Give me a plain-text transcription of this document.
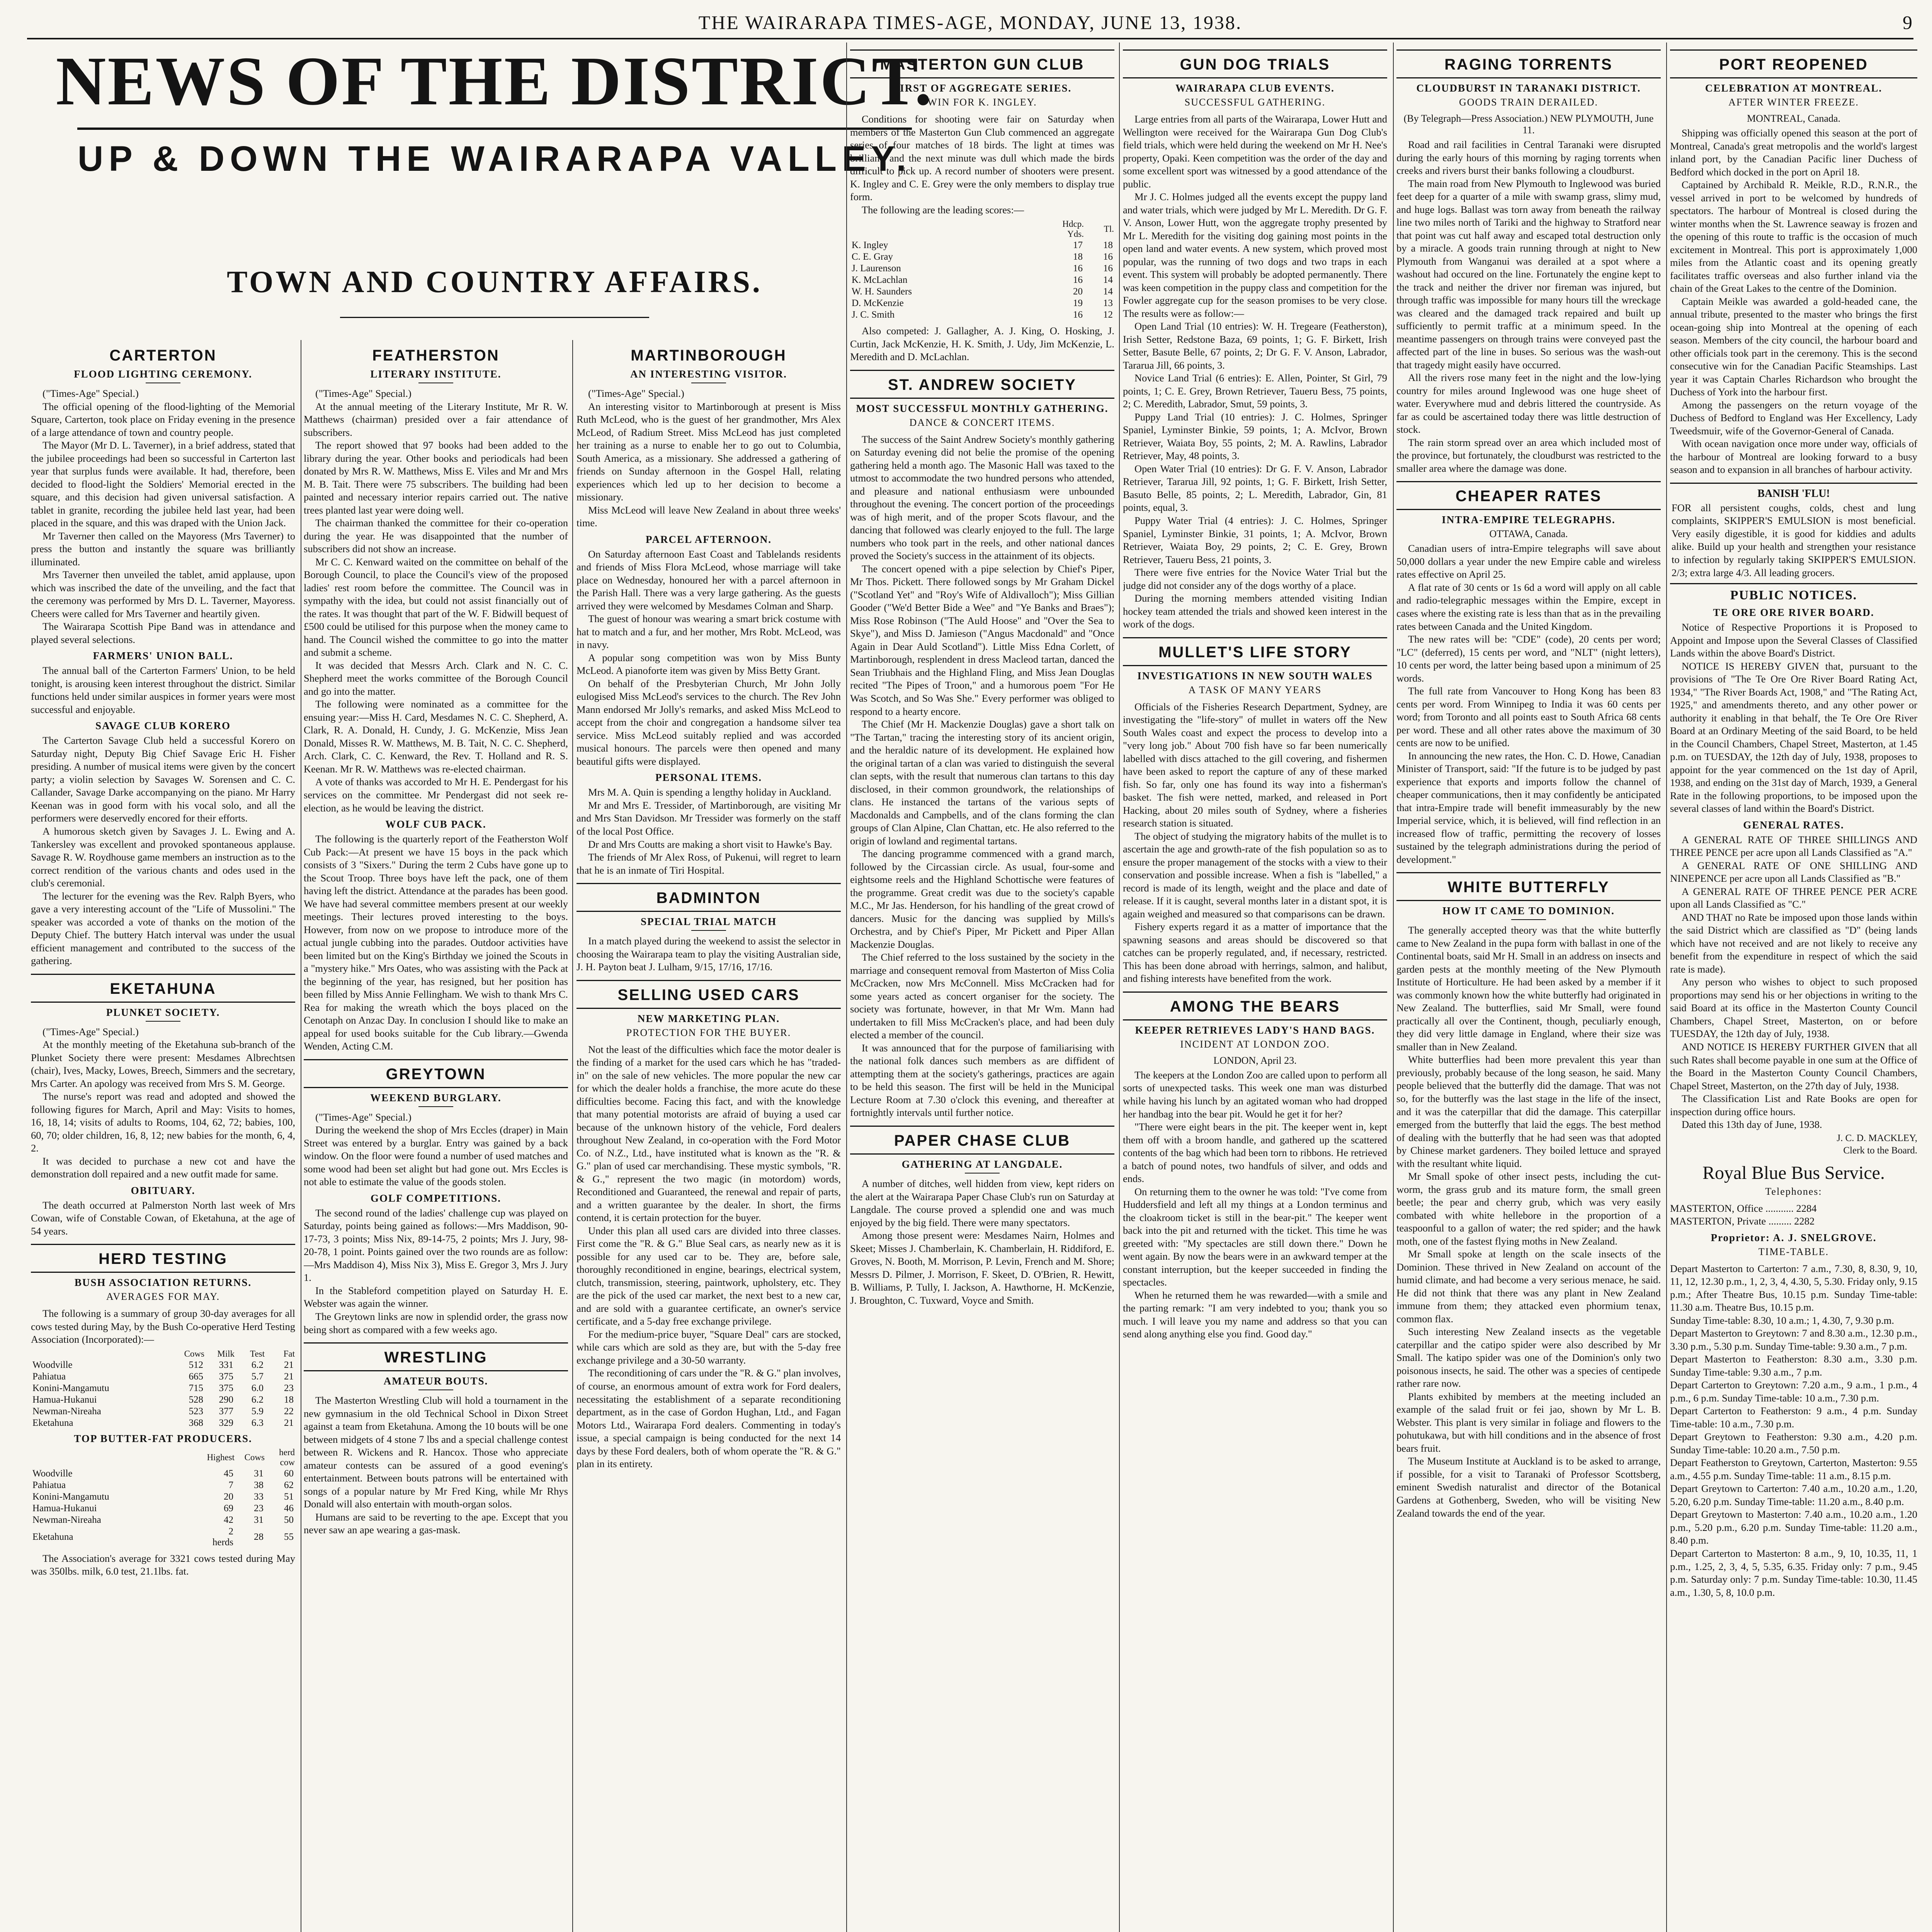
THE WAIRARAPA TIMES-AGE, MONDAY, JUNE 13, 1938.	9
NEWS OF THE DISTRICT.
UP & DOWN THE WAIRARAPA VALLEY.
TOWN AND COUNTRY AFFAIRS.
CARTERTON
FLOOD LIGHTING CEREMONY.

("Times-Age" Special.)

The official opening of the flood-lighting of the Memorial Square, Carterton, took place on Friday evening in the presence of a large attendance of town and country people.

The Mayor (Mr D. L. Taverner), in a brief address, stated that the jubilee proceedings had been so successful in Carterton last year that surplus funds were available. It had, therefore, been decided to flood-light the Soldiers' Memorial erected in the square, and this decision had given universal satisfaction. A tablet in granite, recording the jubilee held last year, had been placed in the square, and this was draped with the Union Jack.

Mr Taverner then called on the Mayoress (Mrs Taverner) to press the button and instantly the square was brilliantly illuminated.

Mrs Taverner then unveiled the tablet, amid applause, upon which was inscribed the date of the unveiling, and the fact that the ceremony was performed by Mrs D. L. Taverner, Mayoress. Cheers were called for Mrs Taverner and heartily given.

The Wairarapa Scottish Pipe Band was in attendance and played several selections.

FARMERS' UNION BALL.

The annual ball of the Carterton Farmers' Union, to be held tonight, is arousing keen interest throughout the district. Similar functions held under similar auspices in former years were most successful and enjoyable.

SAVAGE CLUB KORERO

The Carterton Savage Club held a successful Korero on Saturday night, Deputy Big Chief Savage Eric H. Fisher presiding. A number of musical items were given by the concert party; a violin selection by Savages W. Sorensen and C. C. Callander, Savage Darke accompanying on the piano. Mr Harry Keenan was in good form with his vocal solo, and all the performers were deservedly encored for their efforts.

A humorous sketch given by Savages J. L. Ewing and A. Tankersley was excellent and provoked spontaneous applause. Savage R. W. Roydhouse game members an instruction as to the correct rendition of the various chants and odes used in the club's ceremonial.

The lecturer for the evening was the Rev. Ralph Byers, who gave a very interesting account of the "Life of Mussolini." The speaker was accorded a vote of thanks on the motion of the Deputy Chief. The buttery Hatch interval was under the usual efficient management and contributed to the success of the gathering.

EKETAHUNA
PLUNKET SOCIETY.

("Times-Age" Special.)

At the monthly meeting of the Eketahuna sub-branch of the Plunket Society there were present: Mesdames Albrechtsen (chair), Ives, Macky, Lowes, Breech, Simmers and the secretary, Mrs Carter. An apology was received from Mrs S. M. George.

The nurse's report was read and adopted and showed the following figures for March, April and May: Visits to homes, 16, 18, 14; visits of adults to Rooms, 104, 62, 72; babies, 100, 60, 70; older children, 16, 8, 12; new babies for the month, 6, 4, 2.

It was decided to purchase a new cot and have the demonstration doll repaired and a new outfit made for same.

OBITUARY.

The death occurred at Palmerston North last week of Mrs Cowan, wife of Constable Cowan, of Eketahuna, at the age of 54 years.

HERD TESTING
BUSH ASSOCIATION RETURNS.
AVERAGES FOR MAY.

The following is a summary of group 30-day averages for all cows tested during May, by the Bush Co-operative Herd Testing Association (Incorporated):—

	Cows	Milk	Test	Fat
Woodville	512	331	6.2	21
Pahiatua	665	375	5.7	21
Konini-Mangamutu	715	375	6.0	23
Hamua-Hukanui	528	290	6.2	18
Newman-Nireaha	523	377	5.9	22
Eketahuna	368	329	6.3	21
TOP BUTTER-FAT PRODUCERS.
	Highest	Cows	herd cow
Woodville	45	31	60
Pahiatua	7	38	62
Konini-Mangamutu	20	33	51
Hamua-Hukanui	69	23	46
Newman-Nireaha	42	31	50
Eketahuna	2 herds	28	55

The Association's average for 3321 cows tested during May was 350lbs. milk, 6.0 test, 21.1lbs. fat.

FEATHERSTON
LITERARY INSTITUTE.

("Times-Age" Special.)

At the annual meeting of the Literary Institute, Mr R. W. Matthews (chairman) presided over a fair attendance of subscribers.

The report showed that 97 books had been added to the library during the year. Other books and periodicals had been donated by Mrs R. W. Matthews, Miss E. Viles and Mr and Mrs M. B. Tait. There were 75 subscribers. The building had been painted and necessary interior repairs carried out. The native trees planted last year were doing well.

The chairman thanked the committee for their co-operation during the year. He was disappointed that the number of subscribers did not show an increase.

Mr C. C. Kenward waited on the committee on behalf of the Borough Council, to place the Council's view of the proposed ladies' rest room before the committee. The Council was in sympathy with the idea, but could not assist financially out of the rates. It was thought that part of the W. F. Bidwill bequest of £500 could be utilised for this purpose when the money came to hand. The Council wished the committee to go into the matter and submit a scheme.

It was decided that Messrs Arch. Clark and N. C. C. Shepherd meet the works committee of the Borough Council and go into the matter.

The following were nominated as a committee for the ensuing year:—Miss H. Card, Mesdames N. C. C. Shepherd, A. Clark, R. A. Donald, H. Cundy, J. G. McKenzie, Miss Jean Donald, Misses R. W. Matthews, M. B. Tait, N. C. C. Shepherd, Arch. Clark, C. C. Kenward, the Rev. T. Holland and R. S. Keenan. Mr R. W. Matthews was re-elected chairman.

A vote of thanks was accorded to Mr H. E. Pendergast for his services on the committee. Mr Pendergast did not seek re-election, as he would be leaving the district.

WOLF CUB PACK.

The following is the quarterly report of the Featherston Wolf Cub Pack:—At present we have 15 boys in the pack which consists of 3 "Sixers." During the term 2 Cubs have gone up to the Scout Troop. Three boys have left the pack, one of them having left the district. Attendance at the parades has been good. We have had several committee members present at our weekly meetings. Their lectures proved interesting to the boys. However, from now on we propose to introduce more of the actual jungle cubbing into the parades. Outdoor activities have been limited but on the King's Birthday we joined the Scouts in a "mystery hike." Mrs Oates, who was assisting with the Pack at the beginning of the year, has resigned, but her position has been filled by Miss Annie Fellingham. We wish to thank Mrs C. Rea for making the wreath which the boys placed on the Cenotaph on Anzac Day. In conclusion I should like to make an appeal for used books suitable for the Cub library.—Gwenda Wenden, Acting C.M.

GREYTOWN
WEEKEND BURGLARY.

("Times-Age" Special.)

During the weekend the shop of Mrs Eccles (draper) in Main Street was entered by a burglar. Entry was gained by a back window. On the floor were found a number of used matches and some wood had been set alight but had gone out. Mrs Eccles is not able to estimate the value of the goods stolen.

GOLF COMPETITIONS.

The second round of the ladies' challenge cup was played on Saturday, points being gained as follows:—Mrs Maddison, 90-17-73, 3 points; Miss Nix, 89-14-75, 2 points; Mrs J. Jury, 98-20-78, 1 point. Points gained over the two rounds are as follow:—Mrs Maddison 4), Miss Nix 3), Miss E. Gregor 3, Mrs J. Jury 1.

In the Stableford competition played on Saturday H. E. Webster was again the winner.

The Greytown links are now in splendid order, the grass now being short as compared with a few weeks ago.

WRESTLING
AMATEUR BOUTS.

The Masterton Wrestling Club will hold a tournament in the new gymnasium in the old Technical School in Dixon Street against a team from Eketahuna. Among the 10 bouts will be one between midgets of 4 stone 7 lbs and a special challenge contest between R. Wickens and R. Hancox. Those who appreciate amateur contests can be assured of a good evening's entertainment. Between bouts patrons will be entertained with songs of a popular nature by Mr Fred King, while Mr Rhys Donald will also entertain with mouth-organ solos.

Humans are said to be reverting to the ape. Except that you never saw an ape wearing a gas-mask.

MARTINBOROUGH
AN INTERESTING VISITOR.

("Times-Age" Special.)

An interesting visitor to Martinborough at present is Miss Ruth McLeod, who is the guest of her grandmother, Mrs Alex McLeod, of Radium Street. Miss McLeod has just completed her training as a nurse to enable her to go out to Columbia, South America, as a missionary. She addressed a gathering of friends on Sunday afternoon in the Gospel Hall, relating experiences which led up to her decision to become a missionary.

Miss McLeod will leave New Zealand in about three weeks' time.

PARCEL AFTERNOON.

On Saturday afternoon East Coast and Tablelands residents and friends of Miss Flora McLeod, whose marriage will take place on Wednesday, honoured her with a parcel afternoon in the Parish Hall. There was a very large gathering. As the guests arrived they were welcomed by Mesdames Colman and Sharp.

The guest of honour was wearing a smart brick costume with hat to match and a fur, and her mother, Mrs Robt. McLeod, was in navy.

A popular song competition was won by Miss Bunty McLeod. A pianoforte item was given by Miss Betty Grant.

On behalf of the Presbyterian Church, Mr John Jolly eulogised Miss McLeod's services to the church. The Rev John Mann endorsed Mr Jolly's remarks, and asked Miss McLeod to accept from the choir and congregation a handsome silver tea service. Miss McLeod suitably replied and was accorded musical honours. The parcels were then opened and many beautiful gifts were displayed.

PERSONAL ITEMS.

Mrs M. A. Quin is spending a lengthy holiday in Auckland.

Mr and Mrs E. Tressider, of Martinborough, are visiting Mr and Mrs Stan Davidson. Mr Tressider was formerly on the staff of the local Post Office.

Dr and Mrs Coutts are making a short visit to Hawke's Bay.

The friends of Mr Alex Ross, of Pukenui, will regret to learn that he is an inmate of Tiri Hospital.

BADMINTON
SPECIAL TRIAL MATCH

In a match played during the weekend to assist the selector in choosing the Wairarapa team to play the visiting Australian side, J. H. Payton beat J. Lulham, 9/15, 17/16, 17/16.

SELLING USED CARS
NEW MARKETING PLAN.
PROTECTION FOR THE BUYER.

Not the least of the difficulties which face the motor dealer is the finding of a market for the used cars which he has "traded-in" on the sale of new vehicles. The more popular the new car for which the dealer holds a franchise, the more acute do these difficulties become. Facing this fact, and with the knowledge that many potential motorists are afraid of buying a used car because of the unknown history of the vehicle, Ford dealers throughout New Zealand, in co-operation with the Ford Motor Co. of N.Z., Ltd., have instituted what is known as the "R. & G." plan of used car merchandising. These mystic symbols, "R. & G.," represent the two magic (in motordom) words, Reconditioned and Guaranteed, the renewal and repair of parts, and a written guarantee by the dealer. In short, the firms contend, it is certain protection for the buyer.

Under this plan all used cars are divided into three classes. First come the "R. & G." Blue Seal cars, as nearly new as it is possible for any used car to be. They are, before sale, thoroughly reconditioned in engine, bearings, electrical system, clutch, transmission, steering, paintwork, upholstery, etc. They are the pick of the used car market, the next best to a new car, and are sold with a guarantee certificate, an owner's service certificate, and a 5-day free exchange privilege.

For the medium-price buyer, "Square Deal" cars are stocked, while cars which are sold as they are, but with the 5-day free exchange privilege and a 30-50 warranty.

The reconditioning of cars under the "R. & G." plan involves, of course, an enormous amount of extra work for Ford dealers, necessitating the establishment of a separate reconditioning department, as in the case of Gordon Hughan, Ltd., and Fagan Motors Ltd., Wairarapa Ford dealers. Commenting in today's issue, a special campaign is being conducted for the next 14 days by these Ford dealers, both of whom operate the "R. & G." plan in its entirety.

MASTERTON GUN CLUB
FIRST OF AGGREGATE SERIES.
WIN FOR K. INGLEY.

Conditions for shooting were fair on Saturday when members of the Masterton Gun Club commenced an aggregate series of four matches of 18 birds. The light at times was brilliant, and the next minute was dull which made the birds difficult to pick up. A record number of shooters were present. K. Ingley and C. E. Grey were the only members to display true form.

The following are the leading scores:—

	Hdcp. Yds.	Tl.
K. Ingley	17	18
C. E. Gray	18	16
J. Laurenson	16	16
K. McLachlan	16	14
W. H. Saunders	20	14
D. McKenzie	19	13
J. C. Smith	16	12

Also competed: J. Gallagher, A. J. King, O. Hosking, J. Curtin, Jack McKenzie, H. K. Smith, J. Udy, Jim McKenzie, L. Meredith and D. McLachlan.

ST. ANDREW SOCIETY
MOST SUCCESSFUL MONTHLY GATHERING.
DANCE & CONCERT ITEMS.

The success of the Saint Andrew Society's monthly gathering on Saturday evening did not belie the promise of the opening gathering held a month ago. The Masonic Hall was taxed to the utmost to accommodate the two hundred persons who attended, and pleasure and national enthusiasm were unbounded throughout the evening. The concert portion of the proceedings was of high merit, and of the proper Scots flavour, and the dancing that followed was clearly enjoyed to the full. The large numbers who took part in the reels, and other national dances proved the Society's success in the attainment of its objects.

The concert opened with a pipe selection by Chief's Piper, Mr Thos. Pickett. There followed songs by Mr Graham Dickel ("Scotland Yet" and "Roy's Wife of Aldivalloch"); Miss Gillian Gooder ("We'd Better Bide a Wee" and "Ye Banks and Braes"); Miss Rose Robinson ("The Auld Hoose" and "Over the Sea to Skye"), and Miss D. Jamieson ("Angus Macdonald" and "Once Again in Dear Auld Scotland"). Little Miss Edna Corlett, of Martinborough, resplendent in dress Macleod tartan, danced the Sean Triubhais and the Highland Fling, and Miss Jean Douglas recited "The Pipes of Troon," and a humorous poem "For He Was Scotch, and So Was She." Every performer was obliged to respond to a hearty encore.

The Chief (Mr H. Mackenzie Douglas) gave a short talk on "The Tartan," tracing the interesting story of its ancient origin, and the heraldic nature of its development. He explained how the original tartan of a clan was varied to distinguish the several clan septs, with the result that numerous clan tartans to this day disclosed, in their common groundwork, the relationships of clans. He instanced the tartans of the various septs of Macdonalds and Campbells, and of the clans forming the clan groups of Clan Alpine, Clan Chattan, etc. He also referred to the origin of lowland and regimental tartans.

The dancing programme commenced with a grand march, followed by the Circassian circle. As usual, four-some and eightsome reels and the Highland Schottische were features of the programme. Great credit was due to the society's capable M.C., Mr Jas. Henderson, for his handling of the great crowd of dancers. Music for the dancing was supplied by Mills's Orchestra, and by Chief's Piper, Mr Pickett and Piper Allan Mackenzie Douglas.

The Chief referred to the loss sustained by the society in the marriage and consequent removal from Masterton of Miss Colia McCracken, now Mrs McConnell. Miss McCracken had for some years acted as concert organiser for the society. The society was fortunate, however, in that Mr Wm. Mann had undertaken to fill Miss McCracken's place, and had been duly elected a member of the council.

It was announced that for the purpose of familiarising with the national folk dances such members as are diffident of attempting them at the society's gatherings, practices are again to be held this season. The first will be held in the Municipal Lecture Room at 7.30 o'clock this evening, and thereafter at fortnightly intervals until further notice.

PAPER CHASE CLUB
GATHERING AT LANGDALE.

A number of ditches, well hidden from view, kept riders on the alert at the Wairarapa Paper Chase Club's run on Saturday at Langdale. The course proved a splendid one and was much enjoyed by the big field. There were many spectators.

Among those present were: Mesdames Nairn, Holmes and Skeet; Misses J. Chamberlain, K. Chamberlain, H. Riddiford, E. Groves, N. Booth, M. Morrison, P. Levin, French and M. Shore; Messrs D. Pilmer, J. Morrison, F. Skeet, D. O'Brien, R. Hewitt, B. Williams, P. Tully, I. Jackson, A. Hawthorne, H. McKenzie, J. Broughton, C. Tuxward, Voyce and Smith.

GUN DOG TRIALS
WAIRARAPA CLUB EVENTS.
SUCCESSFUL GATHERING.

Large entries from all parts of the Wairarapa, Lower Hutt and Wellington were received for the Wairarapa Gun Dog Club's field trials, which were held during the weekend on Mr H. Nee's property, Opaki. Keen competition was the order of the day and some excellent sport was witnessed by a good attendance of the public.

Mr J. C. Holmes judged all the events except the puppy land and water trials, which were judged by Mr L. Meredith. Dr G. F. V. Anson, Lower Hutt, won the aggregate trophy presented by Mr L. Meredith for the visiting dog gaining most points in the open land and water events. A new system, which proved most popular, was the running of two dogs and two traps in each event. This system will probably be adopted permanently. There was keen competition in the puppy class and competition for the Fowler aggregate cup for the season promises to be very close. The results were as follow:—

Open Land Trial (10 entries): W. H. Tregeare (Featherston), Irish Setter, Redstone Baza, 69 points, 1; G. F. Birkett, Irish Setter, Basute Belle, 67 points, 2; Dr G. F. V. Anson, Labrador, Tararua Jill, 66 points, 3.

Novice Land Trial (6 entries): E. Allen, Pointer, St Girl, 79 points, 1; C. E. Grey, Brown Retriever, Taueru Bess, 75 points, 2; C. Meredith, Labrador, Smut, 59 points, 3.

Puppy Land Trial (10 entries): J. C. Holmes, Springer Spaniel, Lyminster Binkie, 59 points, 1; A. McIvor, Brown Retriever, Waiata Boy, 55 points, 2; M. A. Rawlins, Labrador Retriever, May, 48 points, 3.

Open Water Trial (10 entries): Dr G. F. V. Anson, Labrador Retriever, Tararua Jill, 92 points, 1; G. F. Birkett, Irish Setter, Basuto Belle, 85 points, 2; L. Meredith, Labrador, Gin, 81 points, equal, 3.

Puppy Water Trial (4 entries): J. C. Holmes, Springer Spaniel, Lyminster Binkie, 31 points, 1; A. McIvor, Brown Retriever, Waiata Boy, 29 points, 2; C. E. Grey, Brown Retriever, Taueru Bess, 21 points, 3.

There were five entries for the Novice Water Trial but the judge did not consider any of the dogs worthy of a place.

During the morning members attended visiting Indian hockey team attended the trials and showed keen interest in the work of the dogs.

MULLET'S LIFE STORY
INVESTIGATIONS IN NEW SOUTH WALES
A TASK OF MANY YEARS

Officials of the Fisheries Research Department, Sydney, are investigating the "life-story" of mullet in waters off the New South Wales coast and expect the process to develop into a "very long job." About 700 fish have so far been numerically labelled with discs attached to the gill covering, and fishermen have been asked to report the capture of any of these marked fish. So far, only one has found its way into a fisherman's basket. The fish were netted, marked, and released in Port Hacking, about 20 miles south of Sydney, where a fisheries research station is situated.

The object of studying the migratory habits of the mullet is to ascertain the age and growth-rate of the fish population so as to ensure the proper management of the stocks with a view to their conservation and possible increase. When a fish is "labelled," a record is made of its length, weight and the place and date of release. If it is caught, several months later in a distant spot, it is again weighed and measured so that comparisons can be drawn.

Fishery experts regard it as a matter of importance that the spawning seasons and areas should be discovered so that catches can be properly regulated, and, if necessary, restricted. This has been done abroad with herrings, salmon, and halibut, and fishing interests have benefited from the work.

AMONG THE BEARS
KEEPER RETRIEVES LADY'S HAND BAGS.
INCIDENT AT LONDON ZOO.
LONDON, April 23.

The keepers at the London Zoo are called upon to perform all sorts of unexpected tasks. This week one man was disturbed while having his lunch by an agitated woman who had dropped her handbag into the bear pit. Would he get it for her?

"There were eight bears in the pit. The keeper went in, kept them off with a broom handle, and gathered up the scattered contents of the bag which had been torn to ribbons. He retrieved a batch of pound notes, two handfuls of silver, and odds and ends.

On returning them to the owner he was told: "I've come from Huddersfield and left all my things at a London terminus and the cloakroom ticket is still in the bear-pit." The keeper went back into the pit and returned with the ticket. This time he was greeted with: "My spectacles are still down there." Down he went again. By now the bears were in an awkward temper at the constant interruption, but the keeper succeeded in finding the spectacles.

When he returned them he was rewarded—with a smile and the parting remark: "I am very indebted to you; thank you so much. I will leave you my name and address so that you can send along anything else you find. Good day."

RAGING TORRENTS
CLOUDBURST IN TARANAKI DISTRICT.
GOODS TRAIN DERAILED.
(By Telegraph—Press Association.) NEW PLYMOUTH, June 11.

Road and rail facilities in Central Taranaki were disrupted during the early hours of this morning by raging torrents when creeks and rivers burst their banks following a cloudburst.

The main road from New Plymouth to Inglewood was buried feet deep for a quarter of a mile with swamp grass, slimy mud, and huge logs. Ballast was torn away from beneath the railway line two miles north of Tariki and the highway to Stratford near that point was cut half away and escaped total destruction only by a miracle. A goods train running through at night to New Plymouth from Wanganui was derailed at a spot where a washout had occured on the line. Fortunately the engine kept to the track and neither the driver nor fireman was injured, but through traffic was impossible for many hours till the wreckage was cleared and the damaged track repaired and built up sufficiently to permit traffic at a minimum speed. In the meantime passengers on through trains were conveyed past the affected part of the line in buses. So serious was the wash-out that tragedy might easily have occurred.

All the rivers rose many feet in the night and the low-lying country for miles around Inglewood was one huge sheet of water. Everywhere mud and debris littered the countryside. As far as could be ascertained today there was little destruction of stock.

The rain storm spread over an area which included most of the province, but fortunately, the cloudburst was restricted to the smaller area where the damage was done.

CHEAPER RATES
INTRA-EMPIRE TELEGRAPHS.
OTTAWA, Canada.

Canadian users of intra-Empire telegraphs will save about 50,000 dollars a year under the new Empire cable and wireless rates effective on April 25.

A flat rate of 30 cents or 1s 6d a word will apply on all cable and radio-telegraphic messages within the Empire, except in cases where the existing rate is less than that as in the prevailing rates between Canada and the United Kingdom.

The new rates will be: "CDE" (code), 20 cents per word; "LC" (deferred), 15 cents per word, and "NLT" (night letters), 10 cents per word, the latter being based upon a minimum of 25 words.

The full rate from Vancouver to Hong Kong has been 83 cents per word. From Winnipeg to India it was 60 cents per word; from Toronto and all points east to South Africa 68 cents per word. These and all other rates above the maximum of 30 cents are now to be unified.

In announcing the new rates, the Hon. C. D. Howe, Canadian Minister of Transport, said: "If the future is to be judged by past experience that exports and imports follow the channel of cheaper communications, then it may confidently be anticipated that intra-Empire trade will benefit immeasurably by the new Imperial service, which, it is believed, will find reflection in an increased flow of traffic, permitting the recovery of losses sustained by the telegraph administrations during the period of development."

WHITE BUTTERFLY
HOW IT CAME TO DOMINION.

The generally accepted theory was that the white butterfly came to New Zealand in the pupa form with ballast in one of the Continental boats, said Mr H. Small in an address on insects and garden pests at the monthly meeting of the New Plymouth Institute of Horticulture. He had been asked by a member if it was commonly known how the white butterfly had originated in New Zealand. The butterflies, said Mr Small, were found practically all over the Continent, though, peculiarly enough, they did very little damage in England, where their size was smaller than in New Zealand.

White butterflies had been more prevalent this year than previously, probably because of the long season, he said. Many people believed that the butterfly did the damage. That was not so, for the butterfly was the last stage in the life of the insect, and it was the caterpillar that did the damage. This caterpillar emerged from the butterfly that laid the eggs. The best method of dealing with the butterfly that he had seen was that adopted by Chinese market gardeners. They boiled lettuce and sprayed with the resultant white liquid.

Mr Small spoke of other insect pests, including the cut-worm, the grass grub and its mature form, the small green beetle; the pear and cherry grub, which was very easily combated with white hellebore in the proportion of a teaspoonful to a gallon of water; the red spider; and the hawk moth, one of the fastest flying moths in New Zealand.

Mr Small spoke at length on the scale insects of the Dominion. These thrived in New Zealand on account of the humid climate, and had become a very serious menace, he said. He did not think that there was any plant in New Zealand immune from them; they attacked even phormium tenax, common flax.

Such interesting New Zealand insects as the vegetable caterpillar and the catipo spider were also described by Mr Small. The katipo spider was one of the Dominion's only two poisonous insects, he said. The other was a species of centipede rather rare now.

Plants exhibited by members at the meeting included an example of the salad fruit or fei jao, shown by Mr L. B. Webster. This plant is very similar in foliage and flowers to the pohutukawa, but with hill conditions and in the absence of frost bears fruit.

The Museum Institute at Auckland is to be asked to arrange, if possible, for a visit to Taranaki of Professor Scottsberg, eminent Swedish naturalist and director of the Botanical Gardens at Gothenberg, Sweden, who will be visiting New Zealand towards the end of the year.

PORT REOPENED
CELEBRATION AT MONTREAL.
AFTER WINTER FREEZE.
MONTREAL, Canada.

Shipping was officially opened this season at the port of Montreal, Canada's great metropolis and the world's largest inland port, by the Canadian Pacific liner Duchess of Bedford which docked in the port on April 18.

Captained by Archibald R. Meikle, R.D., R.N.R., the vessel arrived in port to be welcomed by hundreds of spectators. The harbour of Montreal is closed during the winter months when the St. Lawrence seaway is frozen and the opening of this route to traffic is the occasion of much excitement in Montreal. This port is approximately 1,000 miles from the Atlantic coast and its opening greatly facilitates traffic overseas and also further inland via the chain of the Great Lakes to the centre of the Dominion.

Captain Meikle was awarded a gold-headed cane, the annual tribute, presented to the master who brings the first ocean-going ship into Montreal at the opening of each season. Members of the city council, the harbour board and other officials took part in the ceremony. This is the second consecutive win for the Canadian Pacific Steamships. Last year it was Captain Charles Richardson who brought the Duchess of York into the harbour first.

Among the passengers on the return voyage of the Duchess of Bedford to England was Her Excellency, Lady Tweedsmuir, wife of the Governor-General of Canada.

With ocean navigation once more under way, officials of the harbour of Montreal are looking forward to a busy season and to expansion in all branches of harbour activity.

BANISH 'FLU!

FOR all persistent coughs, colds, chest and lung complaints, SKIPPER'S EMULSION is most beneficial. Very easily digestible, it is good for kiddies and adults alike. Build up your health and strengthen your resistance to infection by regularly taking SKIPPER'S EMULSION. 2/3; extra large 4/3. All leading grocers.

PUBLIC NOTICES.
TE ORE ORE RIVER BOARD.

Notice of Respective Proportions it is Proposed to Appoint and Impose upon the Several Classes of Classified Lands within the above Board's District.

NOTICE IS HEREBY GIVEN that, pursuant to the provisions of "The Te Ore Ore River Board Rating Act, 1934," "The River Boards Act, 1908," and "The Rating Act, 1925," and amendments thereto, and any other power or authority it enabling in that behalf, the Te Ore Ore River Board at an Ordinary Meeting of the said Board, to be held in the Council Chambers, Chapel Street, Masterton, at 1.45 p.m. on TUESDAY, the 12th day of July, 1938, proposes to appoint for the year commenced on the 1st day of April, 1938, and ending on the 31st day of March, 1939, a General Rate in the following proportions, to be imposed upon the several classes of land within the Board's District.

GENERAL RATES.

A GENERAL RATE OF THREE SHILLINGS AND THREE PENCE per acre upon all Lands Classified as "A."

A GENERAL RATE OF ONE SHILLING AND NINEPENCE per acre upon all Lands Classified as "B."

A GENERAL RATE OF THREE PENCE PER ACRE upon all Lands Classified as "C."

AND THAT no Rate be imposed upon those lands within the said District which are classified as "D" (being lands which have not received and are not likely to receive any benefit from the expenditure in respect of which the said rate is made).

Any person who wishes to object to such proposed proportions may send his or her objections in writing to the said Board at its office in the Masterton County Council Chambers, Chapel Street, Masterton, on or before TUESDAY, the 12th day of July, 1938.

AND NOTICE IS HEREBY FURTHER GIVEN that all such Rates shall become payable in one sum at the Office of the Board in the Masterton County Council Chambers, Chapel Street, Masterton, on the 27th day of July, 1938.

The Classification List and Rate Books are open for inspection during office hours.

Dated this 13th day of June, 1938.

J. C. D. MACKLEY,
Clerk to the Board.
Royal Blue Bus Service.
Telephones:

MASTERTON, Office ........... 2284

MASTERTON, Private ......... 2282

Proprietor: A. J. SNELGROVE.
TIME-TABLE.

Depart Masterton to Carterton: 7 a.m., 7.30, 8, 8.30, 9, 10, 11, 12, 12.30 p.m., 1, 2, 3, 4, 4.30, 5, 5.30. Friday only, 9.15 p.m.; After Theatre Bus, 10.15 p.m. Sunday Time-table: 11.30 a.m. Theatre Bus, 10.15 p.m.

Sunday Time-table: 8.30, 10 a.m.; 1, 4.30, 7, 9.30 p.m.

Depart Masterton to Greytown: 7 and 8.30 a.m., 12.30 p.m., 3.30 p.m., 5.30 p.m. Sunday Time-table: 9.30 a.m., 7 p.m.

Depart Masterton to Featherston: 8.30 a.m., 3.30 p.m. Sunday Time-table: 9.30 a.m., 7 p.m.

Depart Carterton to Greytown: 7.20 a.m., 9 a.m., 1 p.m., 4 p.m., 6 p.m. Sunday Time-table: 10 a.m., 7.30 p.m.

Depart Carterton to Featherston: 9 a.m., 4 p.m. Sunday Time-table: 10 a.m., 7.30 p.m.

Depart Greytown to Featherston: 9.30 a.m., 4.20 p.m. Sunday Time-table: 10.20 a.m., 7.50 p.m.

Depart Featherston to Greytown, Carterton, Masterton: 9.55 a.m., 4.55 p.m. Sunday Time-table: 11 a.m., 8.15 p.m.

Depart Greytown to Carterton: 7.40 a.m., 10.20 a.m., 1.20, 5.20, 6.20 p.m. Sunday Time-table: 11.20 a.m., 8.40 p.m.

Depart Greytown to Masterton: 7.40 a.m., 10.20 a.m., 1.20 p.m., 5.20 p.m., 6.20 p.m. Sunday Time-table: 11.20 a.m., 8.40 p.m.

Depart Carterton to Masterton: 8 a.m., 9, 10, 10.35, 11, 1 p.m., 1.25, 2, 3, 4, 5, 5.35, 6.35. Friday only: 7 p.m., 9.45 p.m. Saturday only: 7 p.m. Sunday Time-table: 10.30, 11.45 a.m., 1.30, 5, 8, 10.0 p.m.
